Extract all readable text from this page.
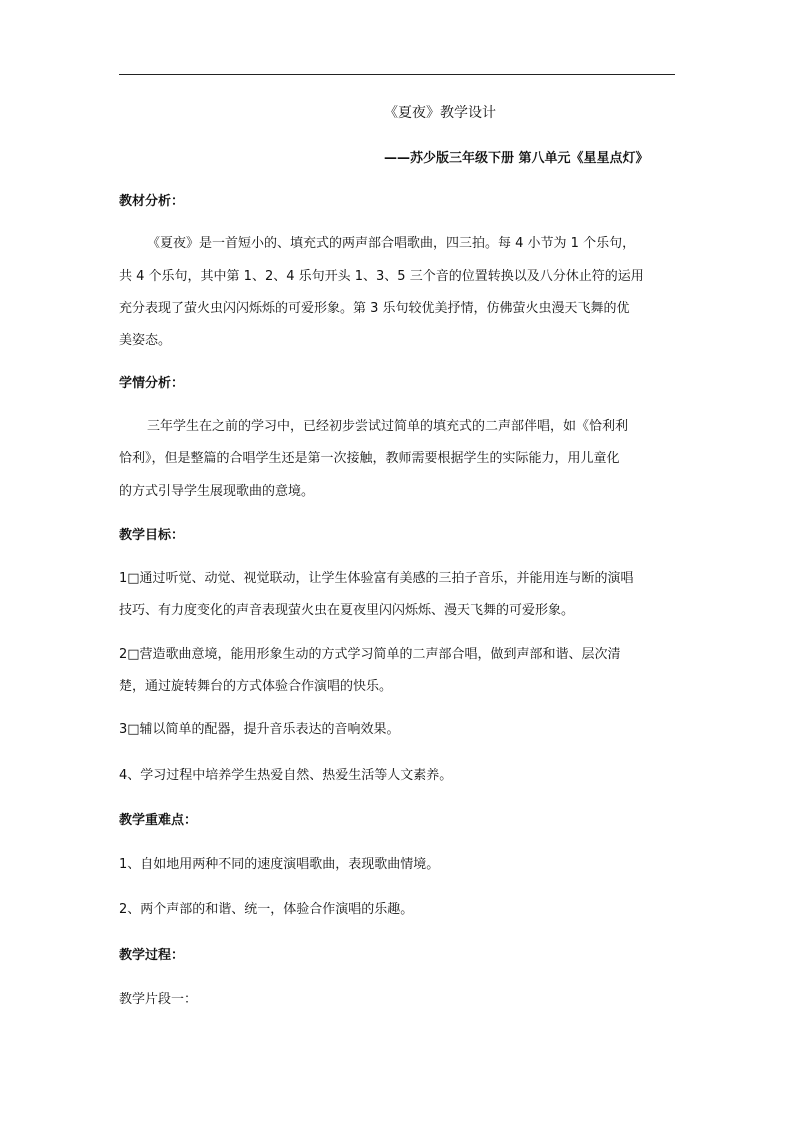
《夏夜》教学设计
——苏少版三年级下册 第八单元《星星点灯》
教材分析：
《夏夜》是一首短小的、填充式的两声部合唱歌曲，四三拍。每 4 小节为 1 个乐句，
共 4 个乐句，其中第 1、2、4 乐句开头 1、3、5 三个音的位置转换以及八分休止符的运用
充分表现了萤火虫闪闪烁烁的可爱形象。第 3 乐句较优美抒情，仿佛萤火虫漫天飞舞的优
美姿态。
学情分析：
三年学生在之前的学习中，已经初步尝试过简单的填充式的二声部伴唱，如《恰利利
恰利》，但是整篇的合唱学生还是第一次接触，教师需要根据学生的实际能力，用儿童化
的方式引导学生展现歌曲的意境。
教学目标：
1□通过听觉、动觉、视觉联动，让学生体验富有美感的三拍子音乐，并能用连与断的演唱
技巧、有力度变化的声音表现萤火虫在夏夜里闪闪烁烁、漫天飞舞的可爱形象。
2□营造歌曲意境，能用形象生动的方式学习简单的二声部合唱，做到声部和谐、层次清
楚，通过旋转舞台的方式体验合作演唱的快乐。
3□辅以简单的配器，提升音乐表达的音响效果。
4、学习过程中培养学生热爱自然、热爱生活等人文素养。
教学重难点：
1、自如地用两种不同的速度演唱歌曲，表现歌曲情境。
2、两个声部的和谐、统一，体验合作演唱的乐趣。
教学过程：
教学片段一：
